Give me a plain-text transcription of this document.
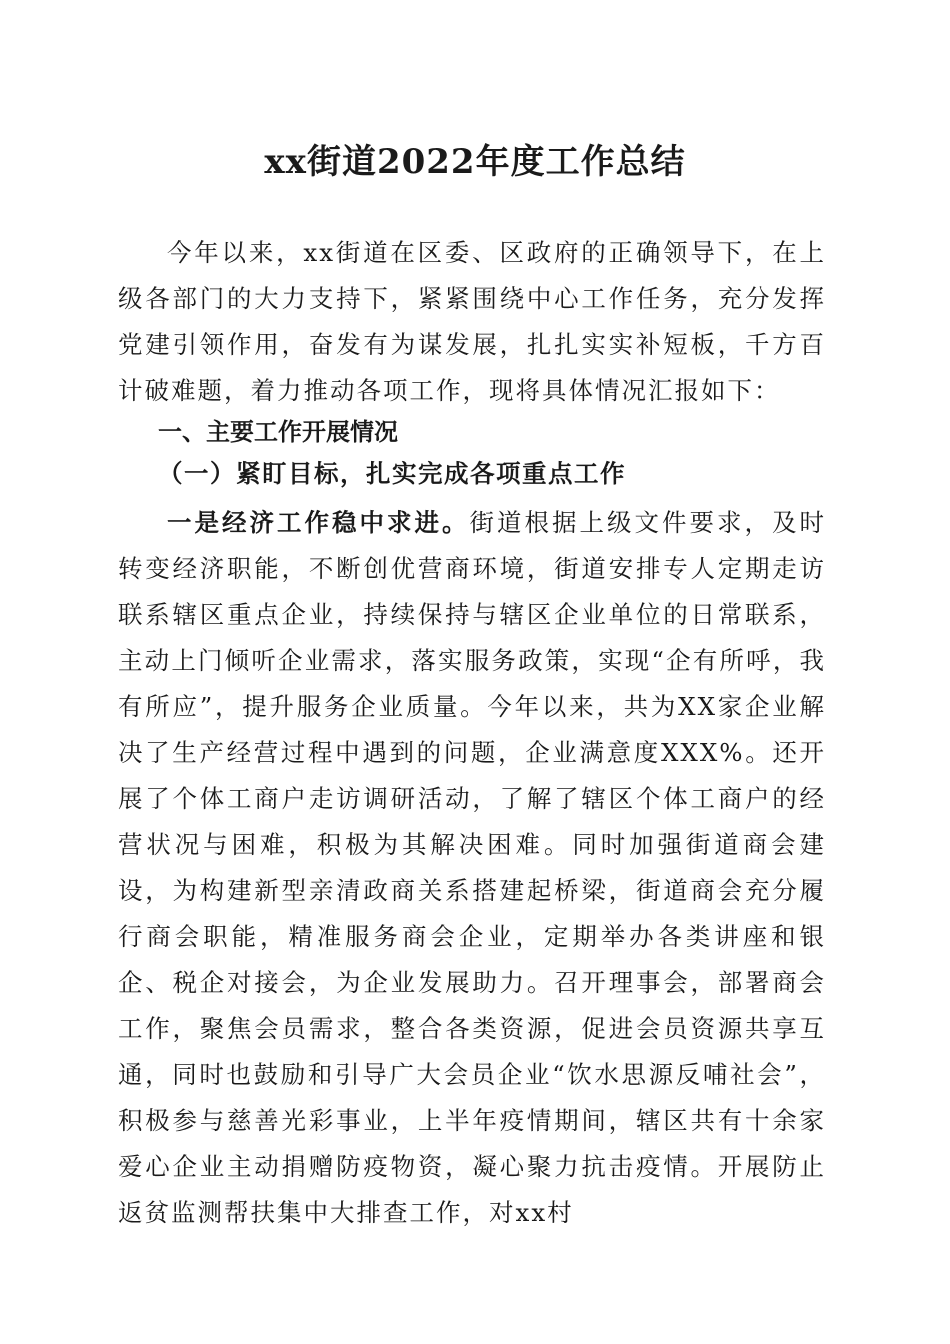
xx街道2022年度工作总结

今年以来，xx街道在区委、区政府的正确领导下，在上级各部门的大力支持下，紧紧围绕中心工作任务，充分发挥党建引领作用，奋发有为谋发展，扎扎实实补短板，千方百计破难题，着力推动各项工作，现将具体情况汇报如下：

一、主要工作开展情况
（一）紧盯目标，扎实完成各项重点工作

一是经济工作稳中求进。街道根据上级文件要求，及时转变经济职能，不断创优营商环境，街道安排专人定期走访联系辖区重点企业，持续保持与辖区企业单位的日常联系，主动上门倾听企业需求，落实服务政策，实现“企有所呼，我有所应”，提升服务企业质量。今年以来，共为XX家企业解决了生产经营过程中遇到的问题，企业满意度XXX%。还开展了个体工商户走访调研活动，了解了辖区个体工商户的经营状况与困难，积极为其解决困难。同时加强街道商会建设，为构建新型亲清政商关系搭建起桥梁，街道商会充分履行商会职能，精准服务商会企业，定期举办各类讲座和银企、税企对接会，为企业发展助力。召开理事会，部署商会工作，聚焦会员需求，整合各类资源，促进会员资源共享互通，同时也鼓励和引导广大会员企业“饮水思源反哺社会”，积极参与慈善光彩事业，上半年疫情期间，辖区共有十余家爱心企业主动捐赠防疫物资，凝心聚力抗击疫情。开展防止返贫监测帮扶集中大排查工作，对xx村
